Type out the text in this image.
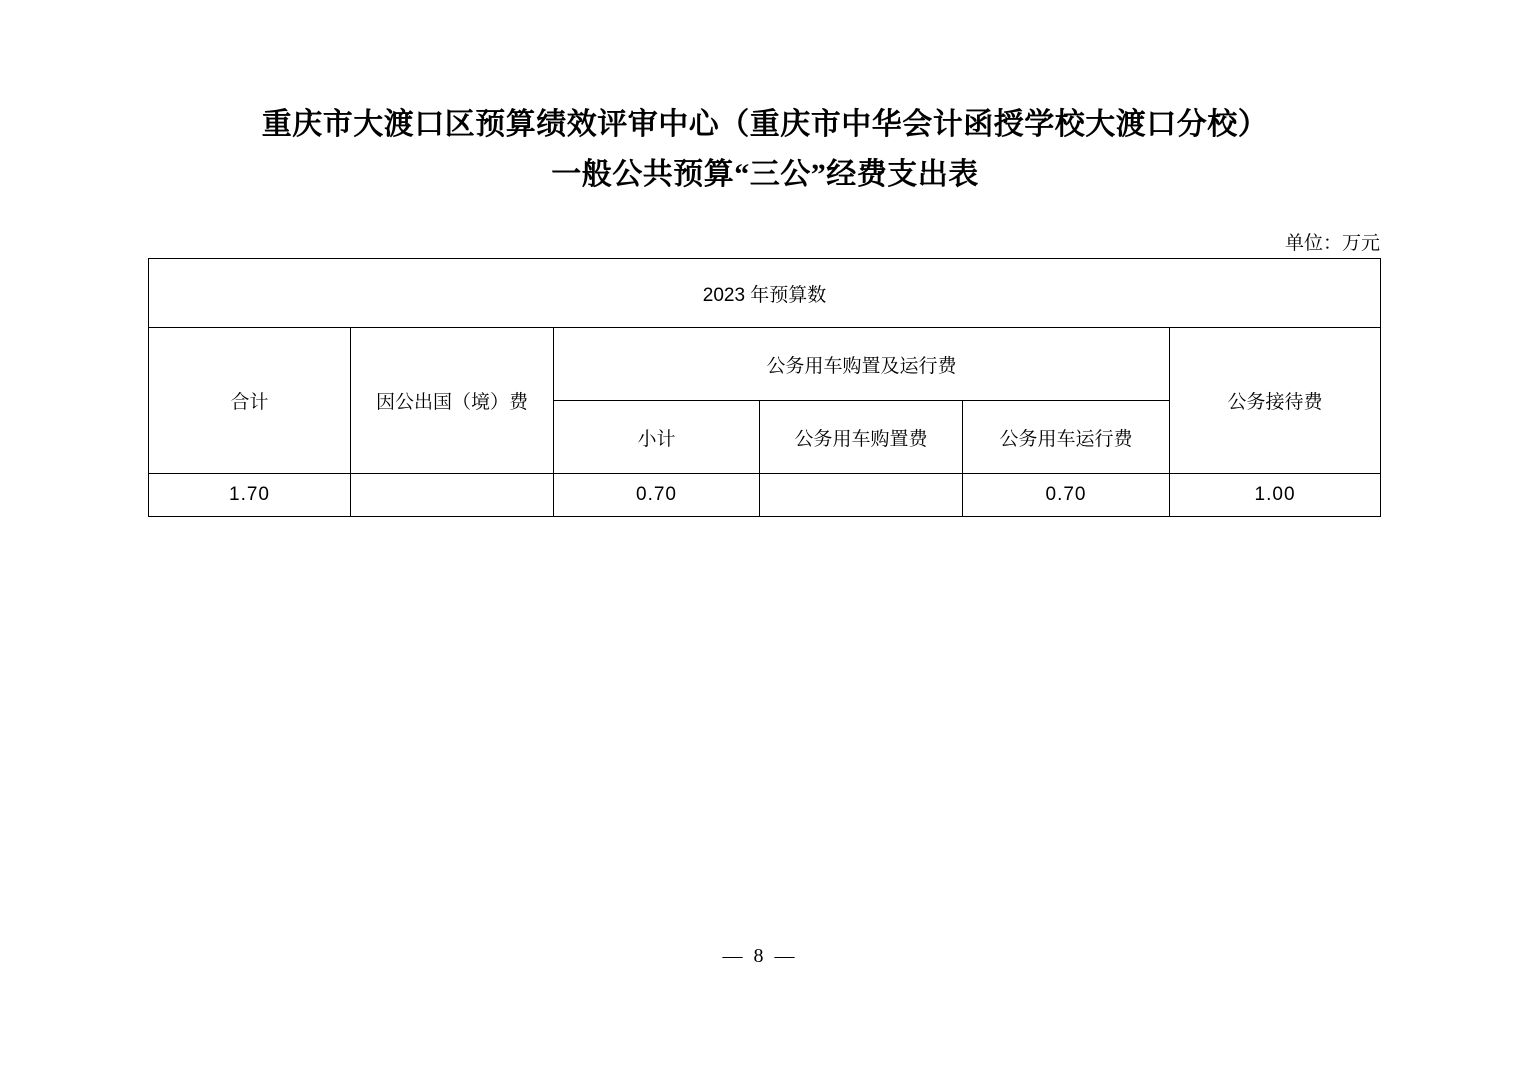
重庆市大渡口区预算绩效评审中心（重庆市中华会计函授学校大渡口分校）
一般公共预算“三公”经费支出表
单位：万元
2023 年预算数					
合计	因公出国（境）费	公务用车购置及运行费			公务接待费
		小计	公务用车购置费	公务用车运行费	
1.70		0.70		0.70	1.00
— 8 —
